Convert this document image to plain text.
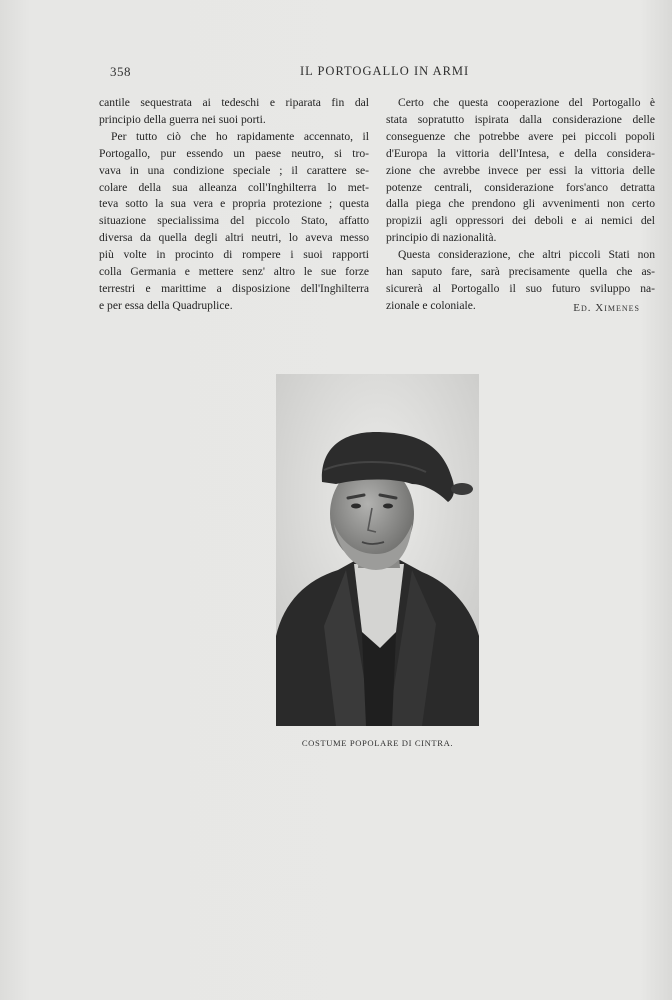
358	IL PORTOGALLO IN ARMI
cantile sequestrata ai tedeschi e riparata fin dal
principio della guerra nei suoi porti.
Per tutto ciò che ho rapidamente accennato, il
Portogallo, pur essendo un paese neutro, si tro-
vava in una condizione speciale ; il carattere se-
colare della sua alleanza coll'Inghilterra lo met-
teva sotto la sua vera e propria protezione ; questa
situazione specialissima del piccolo Stato, affatto
diversa da quella degli altri neutri, lo aveva messo
più volte in procinto di rompere i suoi rapporti
colla Germania e mettere senz' altro le sue forze
terrestri e marittime a disposizione dell'Inghilterra
e per essa della Quadruplice.
Certo che questa cooperazione del Portogallo è
stata sopratutto ispirata dalla considerazione delle
conseguenze che potrebbe avere pei piccoli popoli
d'Europa la vittoria dell'Intesa, e della considera-
zione che avrebbe invece per essi la vittoria delle
potenze centrali, considerazione fors'anco detratta
dalla piega che prendono gli avvenimenti non certo
propizii agli oppressori dei deboli e ai nemici del
principio di nazionalità.
Questa considerazione, che altri piccoli Stati non
han saputo fare, sarà precisamente quella che as-
sicurerà al Portogallo il suo futuro sviluppo na-
zionale e coloniale.	Ed. Ximenes
COSTUME POPOLARE DI CINTRA.
